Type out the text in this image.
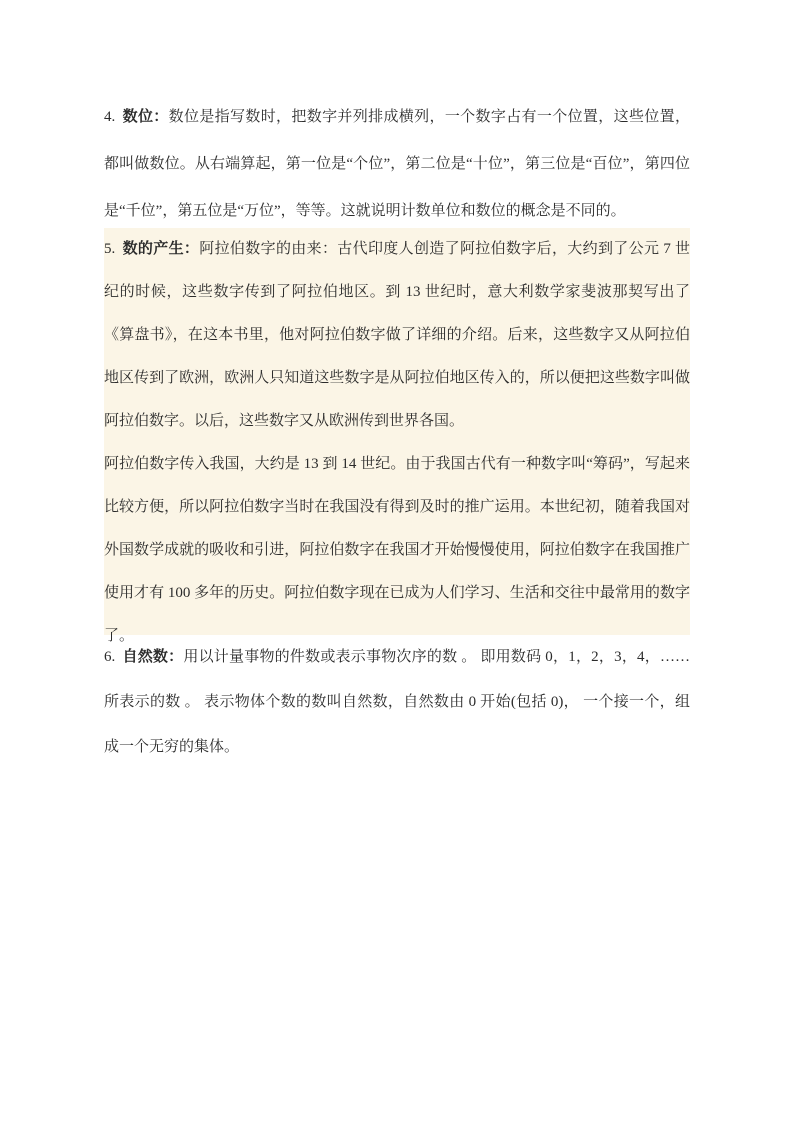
4. 数位：数位是指写数时，把数字并列排成横列，一个数字占有一个位置，这些位置，都叫做数位。从右端算起，第一位是“个位”，第二位是“十位”，第三位是“百位”，第四位是“千位”，第五位是“万位”，等等。这就说明计数单位和数位的概念是不同的。

5. 数的产生：阿拉伯数字的由来：古代印度人创造了阿拉伯数字后，大约到了公元 7 世纪的时候，这些数字传到了阿拉伯地区。到 13 世纪时，意大利数学家斐波那契写出了《算盘书》，在这本书里，他对阿拉伯数字做了详细的介绍。后来，这些数字又从阿拉伯地区传到了欧洲，欧洲人只知道这些数字是从阿拉伯地区传入的，所以便把这些数字叫做阿拉伯数字。以后，这些数字又从欧洲传到世界各国。

阿拉伯数字传入我国，大约是 13 到 14 世纪。由于我国古代有一种数字叫“筹码”，写起来比较方便，所以阿拉伯数字当时在我国没有得到及时的推广运用。本世纪初，随着我国对外国数学成就的吸收和引进，阿拉伯数字在我国才开始慢慢使用，阿拉伯数字在我国推广使用才有 100 多年的历史。阿拉伯数字现在已成为人们学习、生活和交往中最常用的数字了。

6. 自然数：用以计量事物的件数或表示事物次序的数 。 即用数码 0，1，2，3，4，……所表示的数 。 表示物体个数的数叫自然数，自然数由 0 开始(包括 0)， 一个接一个，组成一个无穷的集体。
